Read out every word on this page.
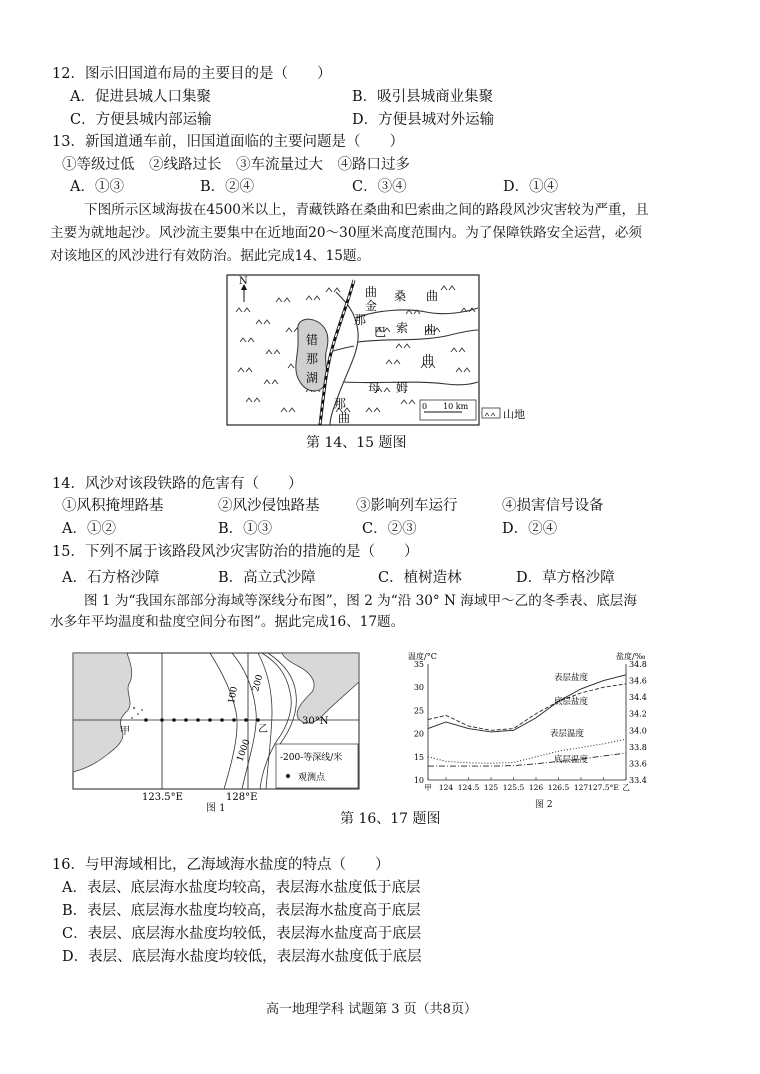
12．图示旧国道布局的主要目的是（　　）
A．促进县城人口集聚	B．吸引县城商业集聚
C．方便县城内部运输	D．方便县城对外运输
13．新国道通车前，旧国道面临的主要问题是（　　）
①等级过低　②线路过长　③车流量过大　④路口过多
A．①③	B．②④	C．③④	D．①④
下图所示区域海拔在4500米以上，青藏铁路在桑曲和巴索曲之间的路段风沙灾害较为严重，且
主要为就地起沙。风沙流主要集中在近地面20～30厘米高度范围内。为了保障铁路安全运营，必须
对该地区的风沙进行有效防治。据此完成14、15题。
N
错
那
湖
曲 桑 曲
金
那
巴 索 曲
曲
母 姆
那
曲
0　　10 km
山地
第 14、15 题图
14．风沙对该段铁路的危害有（　　）
①风积掩埋路基	②风沙侵蚀路基	③影响列车运行	④损害信号设备
A．①②	B．①③	C．②③	D．②④
15．下列不属于该路段风沙灾害防治的措施的是（　　）
A．石方格沙障	B．高立式沙障	C．植树造林	D．草方格沙障
图 1 为“我国东部部分海域等深线分布图”，图 2 为“沿 30° N 海域甲～乙的冬季表、底层海
水多年平均温度和盐度空间分布图”。据此完成16、17题。
甲	乙
30°N
100
200
1000	-200-等深线/米
观测点
123.5°E	128°E
图 1
温度/°C	盐度/‰
35
30
25
20
15
10
34.8
34.6
34.4
34.2
34.0
33.8
33.6
33.4
甲 124 124.5 125 125.5 126 126.5 127 127.5°E 乙
表层盐度
底层盐度
表层温度
底层温度
图 2
第 16、17 题图
16．与甲海域相比，乙海域海水盐度的特点（　　）
A．表层、底层海水盐度均较高，表层海水盐度低于底层
B．表层、底层海水盐度均较高，表层海水盐度高于底层
C．表层、底层海水盐度均较低，表层海水盐度高于底层
D．表层、底层海水盐度均较低，表层海水盐度低于底层
高一地理学科 试题第 3 页（共8页）
